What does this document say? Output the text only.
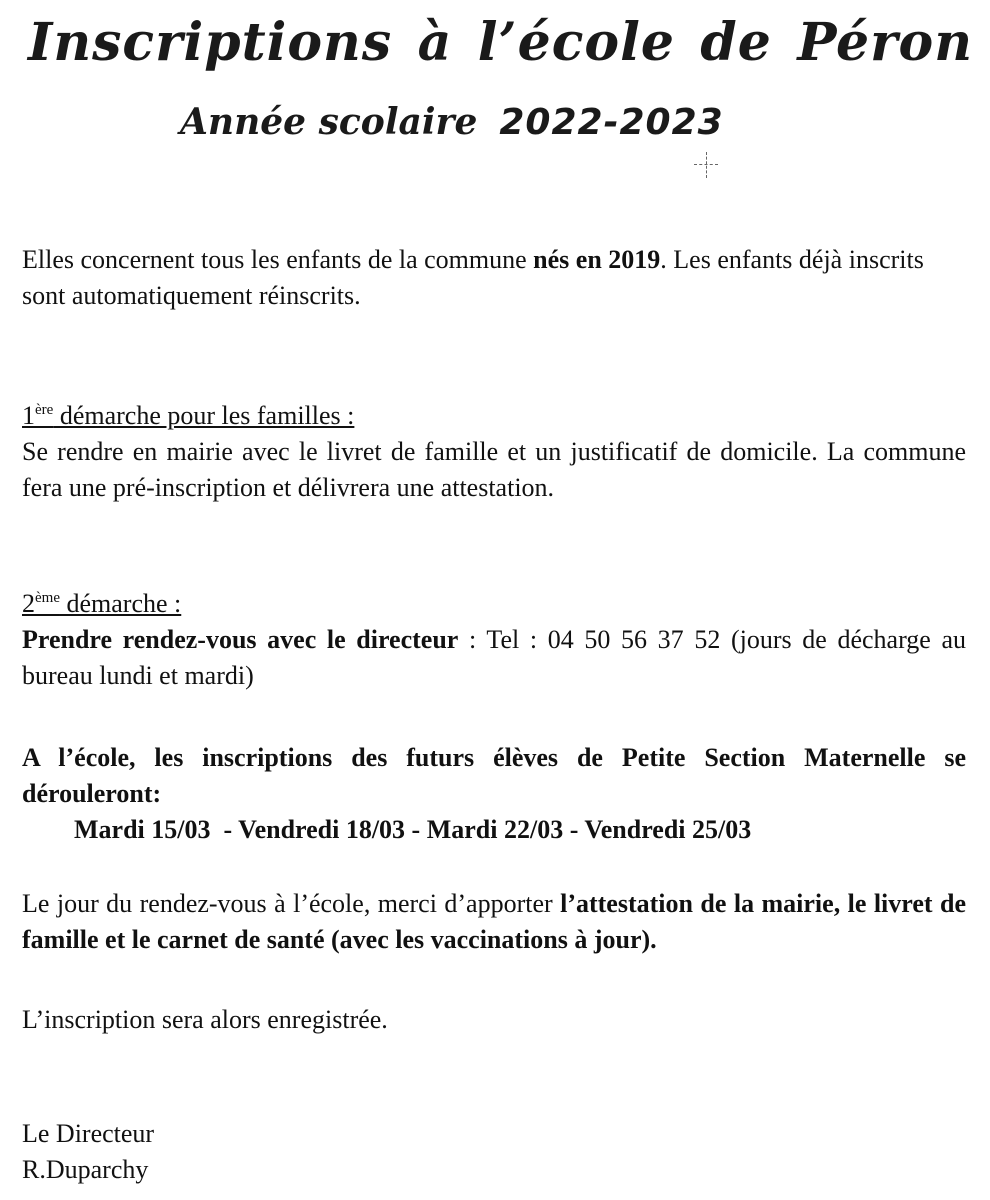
Inscriptions à l’école de Péron
Année scolaire 2022-2023

Elles concernent tous les enfants de la commune nés en 2019. Les enfants déjà inscrits sont automatiquement réinscrits.

1ère démarche pour les familles :

Se rendre en mairie avec le livret de famille et un justificatif de domicile. La commune fera une pré-inscription et délivrera une attestation.

2ème démarche :

Prendre rendez-vous avec le directeur : Tel : 04 50 56 37 52 (jours de décharge au bureau lundi et mardi)

A l’école, les inscriptions des futurs élèves de Petite Section Maternelle se dérouleront:

Mardi 15/03  - Vendredi 18/03 - Mardi 22/03 - Vendredi 25/03

Le jour du rendez-vous à l’école, merci d’apporter l’attestation de la mairie, le livret de famille et le carnet de santé (avec les vaccinations à jour).

L’inscription sera alors enregistrée.

Le Directeur
R.Duparchy
